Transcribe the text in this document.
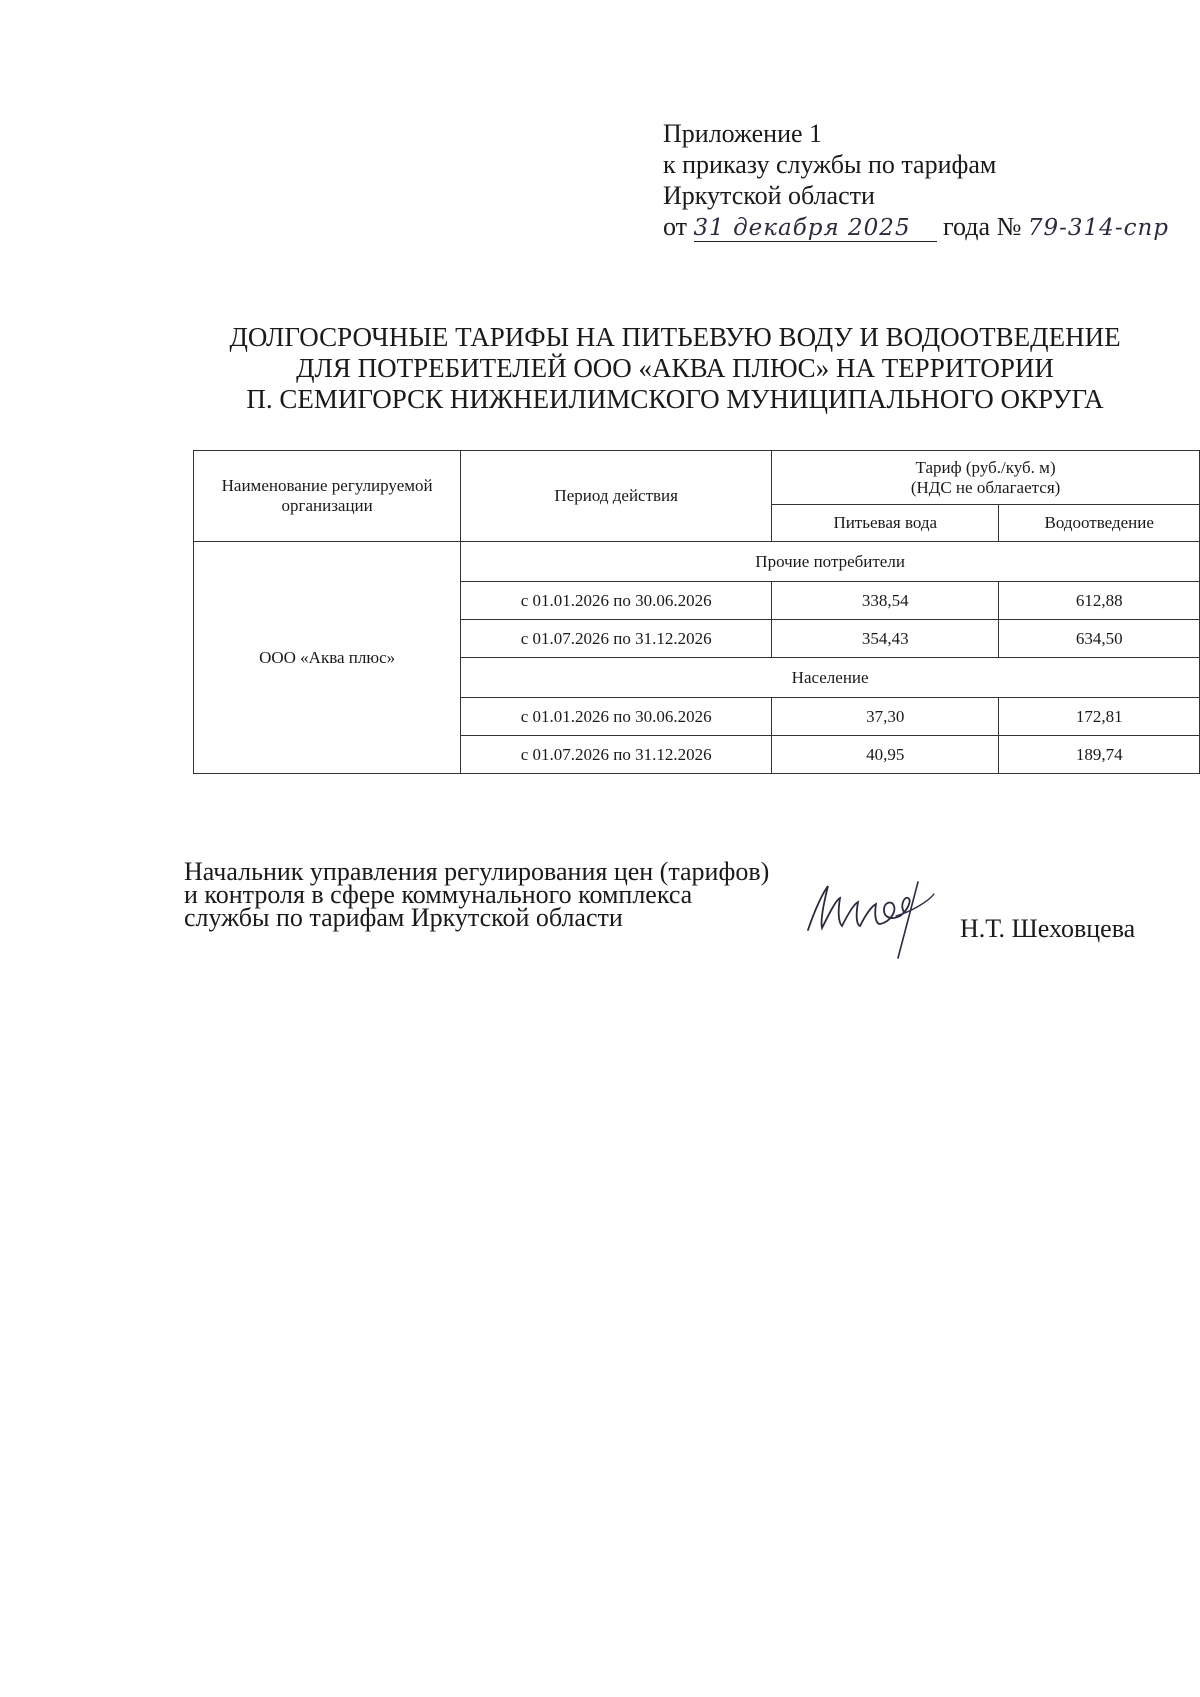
Приложение 1
к приказу службы по тарифам
Иркутской области
от 31 декабря 2025 года № 79-314-спр
ДОЛГОСРОЧНЫЕ ТАРИФЫ НА ПИТЬЕВУЮ ВОДУ И ВОДООТВЕДЕНИЕ
ДЛЯ ПОТРЕБИТЕЛЕЙ ООО «АКВА ПЛЮС» НА ТЕРРИТОРИИ
П. СЕМИГОРСК НИЖНЕИЛИМСКОГО МУНИЦИПАЛЬНОГО ОКРУГА
Наименование регулируемой организации	Период действия	Тариф (руб./куб. м)
(НДС не облагается)	

		Питьевая вода	Водоотведение
ООО «Аква плюс»	Прочие потребители		
	с 01.01.2026 по 30.06.2026	338,54	612,88
	с 01.07.2026 по 31.12.2026	354,43	634,50
	Население		
	с 01.01.2026 по 30.06.2026	37,30	172,81
	с 01.07.2026 по 31.12.2026	40,95	189,74
Начальник управления регулирования цен (тарифов)
и контроля в сфере коммунального комплекса
службы по тарифам Иркутской области	Н.Т. Шеховцева
